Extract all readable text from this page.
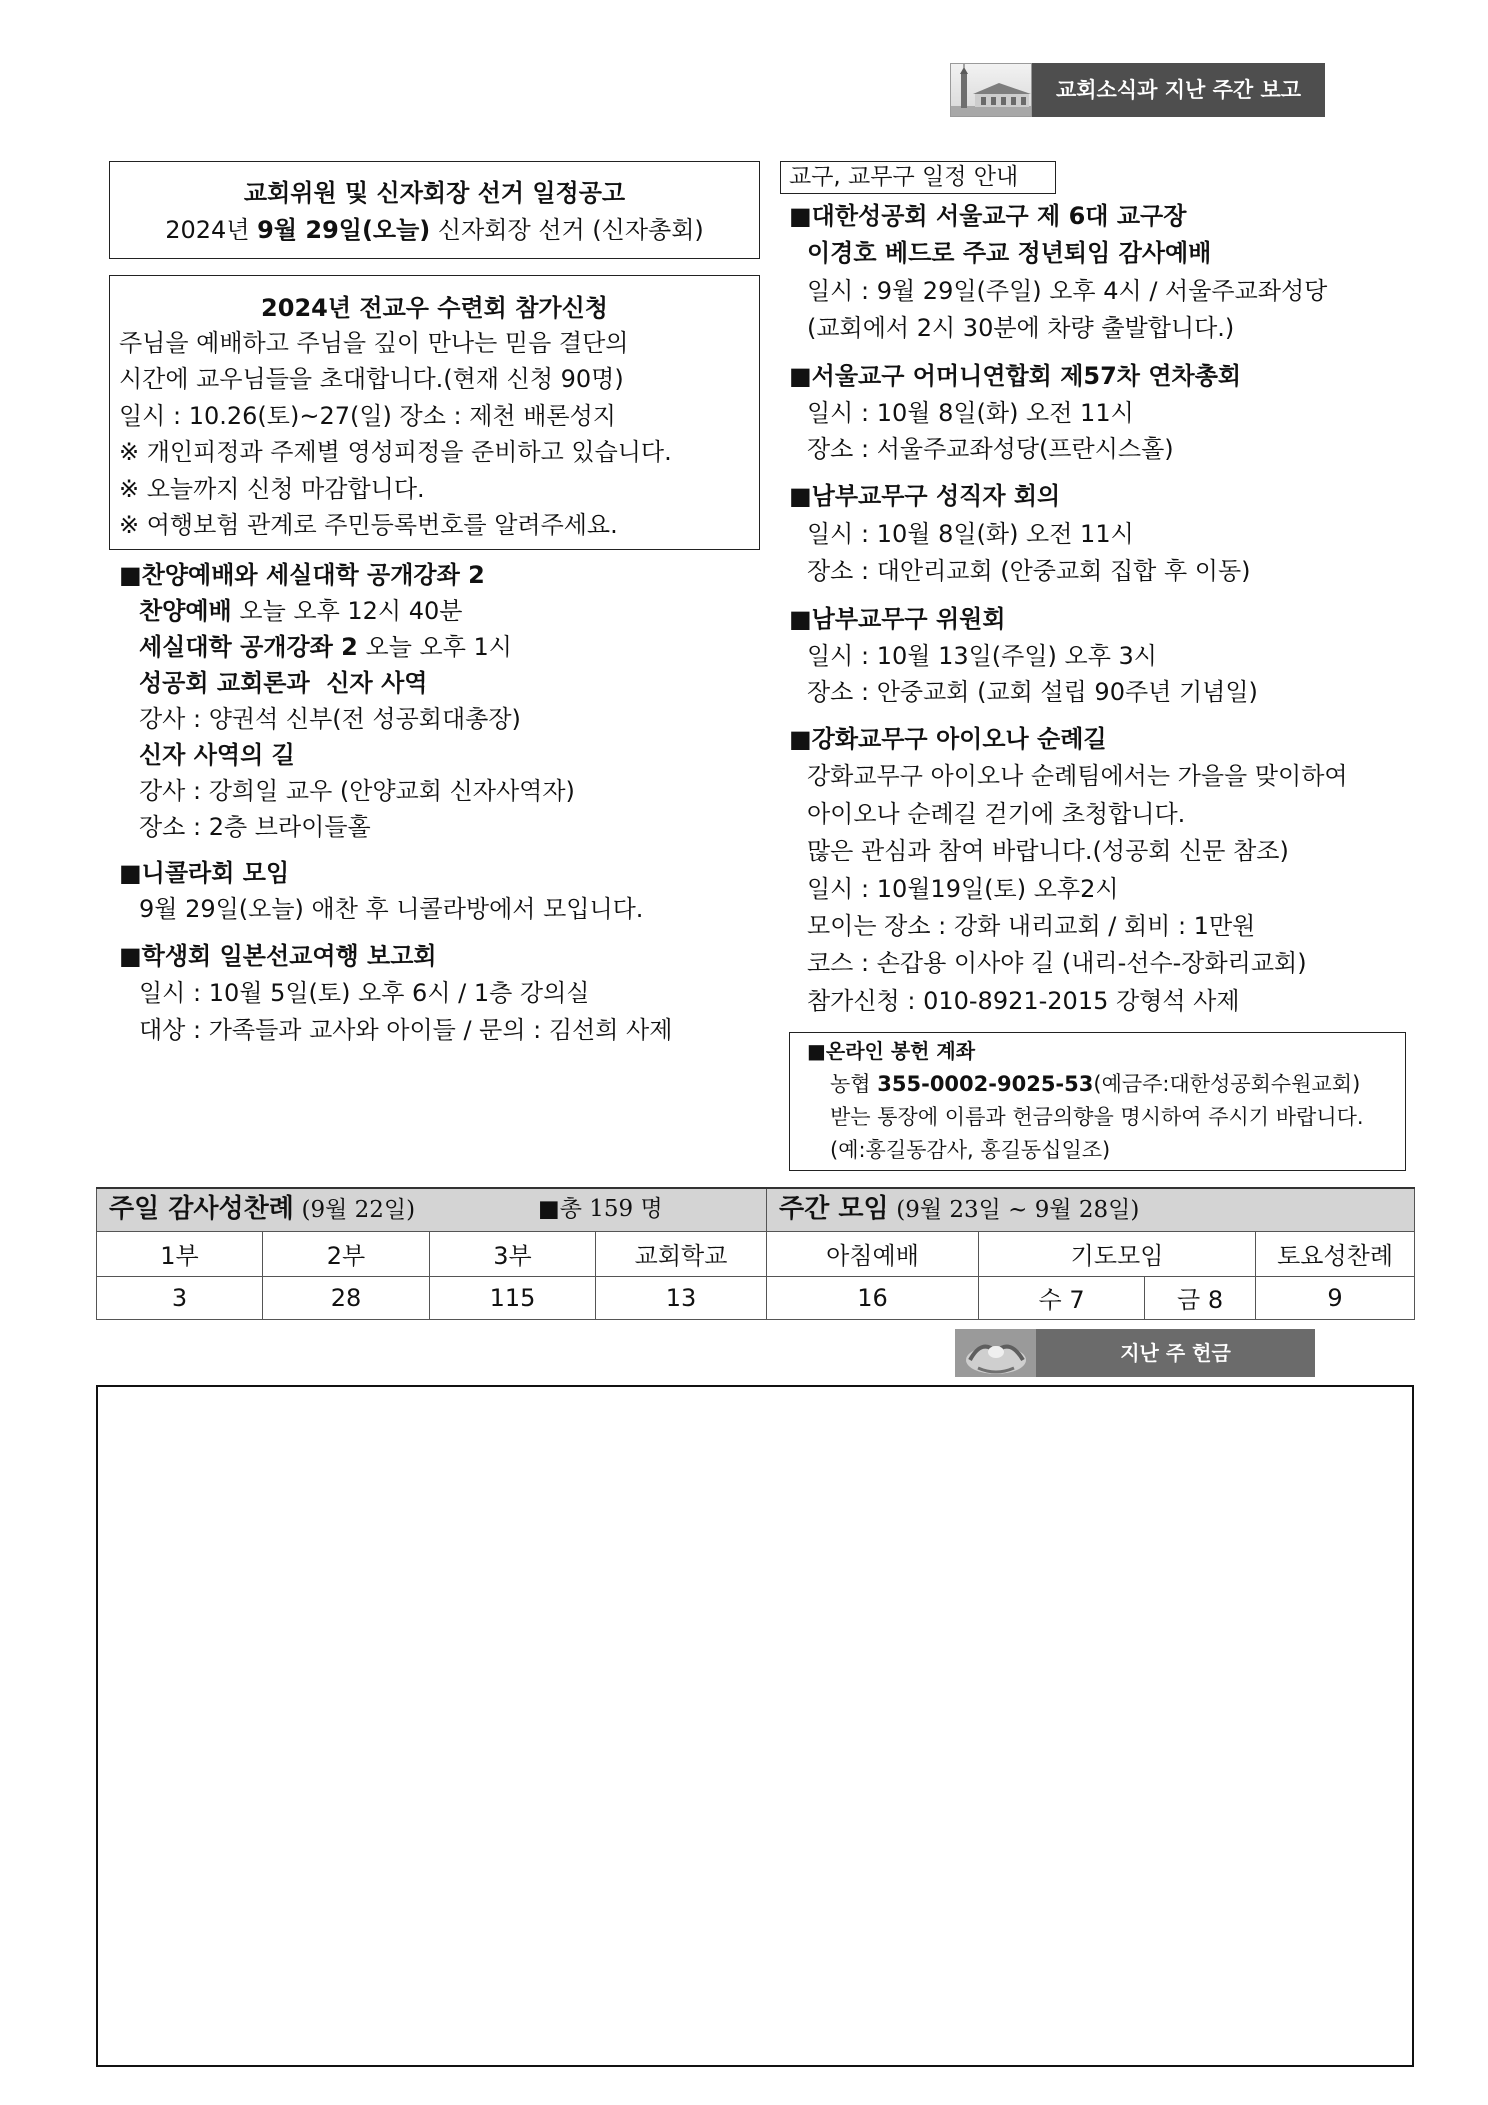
교회소식과 지난 주간 보고
교회위원 및 신자회장 선거 일정공고
2024년 9월 29일(오늘) 신자회장 선거 (신자총회)
2024년 전교우 수련회 참가신청
주님을 예배하고 주님을 깊이 만나는 믿음 결단의
시간에 교우님들을 초대합니다.(현재 신청 90명)
일시 : 10.26(토)~27(일) 장소 : 제천 배론성지
※ 개인피정과 주제별 영성피정을 준비하고 있습니다.
※ 오늘까지 신청 마감합니다.
※ 여행보험 관계로 주민등록번호를 알려주세요.
■찬양예배와 세실대학 공개강좌 2
찬양예배 오늘 오후 12시 40분
세실대학 공개강좌 2 오늘 오후 1시
성공회 교회론과  신자 사역
강사 : 양권석 신부(전 성공회대총장)
신자 사역의 길
강사 : 강희일 교우 (안양교회 신자사역자)
장소 : 2층 브라이들홀
■니콜라회 모임
9월 29일(오늘) 애찬 후 니콜라방에서 모입니다.
■학생회 일본선교여행 보고회
일시 : 10월 5일(토) 오후 6시 / 1층 강의실
대상 : 가족들과 교사와 아이들 / 문의 : 김선희 사제
교구, 교무구 일정 안내
■대한성공회 서울교구 제 6대 교구장
이경호 베드로 주교 정년퇴임 감사예배
일시 : 9월 29일(주일) 오후 4시 / 서울주교좌성당
(교회에서 2시 30분에 차량 출발합니다.)
■서울교구 어머니연합회 제57차 연차총회
일시 : 10월 8일(화) 오전 11시
장소 : 서울주교좌성당(프란시스홀)
■남부교무구 성직자 회의
일시 : 10월 8일(화) 오전 11시
장소 : 대안리교회 (안중교회 집합 후 이동)
■남부교무구 위원회
일시 : 10월 13일(주일) 오후 3시
장소 : 안중교회 (교회 설립 90주년 기념일)
■강화교무구 아이오나 순례길
강화교무구 아이오나 순례팀에서는 가을을 맞이하여
아이오나 순례길 걷기에 초청합니다.
많은 관심과 참여 바랍니다.(성공회 신문 참조)
일시 : 10월19일(토) 오후2시
모이는 장소 : 강화 내리교회 / 회비 : 1만원
코스 : 손갑용 이사야 길 (내리-선수-장화리교회)
참가신청 : 010-8921-2015 강형석 사제
■온라인 봉헌 계좌
농협 355-0002-9025-53(예금주:대한성공회수원교회)
받는 통장에 이름과 헌금의향을 명시하여 주시기 바랍니다.
(예:홍길동감사, 홍길동십일조)
주일 감사성찬례 (9월 22일) ■총 159 명				주간 모임 (9월 23일 ~ 9월 28일)			

1부	2부	3부	교회학교	아침예배	기도모임		토요성찬례
3	28	115	13	16	수 7	금 8	9
지난 주 헌금
